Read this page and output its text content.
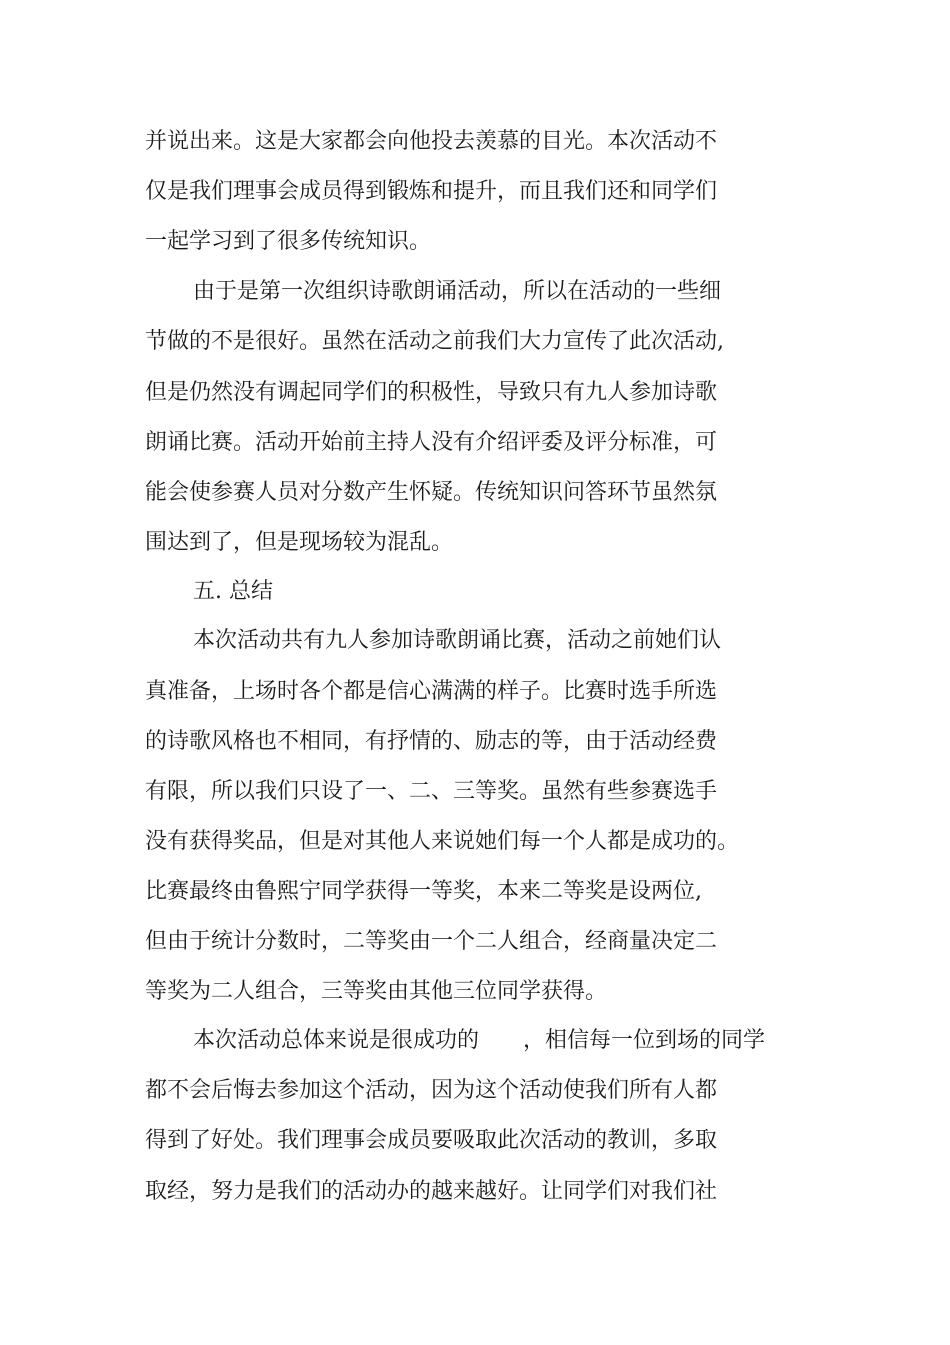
并说出来。这是大家都会向他投去羡慕的目光。本次活动不
仅是我们理事会成员得到锻炼和提升，而且我们还和同学们
一起学习到了很多传统知识。
由于是第一次组织诗歌朗诵活动，所以在活动的一些细
节做的不是很好。虽然在活动之前我们大力宣传了此次活动,
但是仍然没有调起同学们的积极性，导致只有九人参加诗歌
朗诵比赛。活动开始前主持人没有介绍评委及评分标准，可
能会使参赛人员对分数产生怀疑。传统知识问答环节虽然氛
围达到了，但是现场较为混乱。
五. 总结
本次活动共有九人参加诗歌朗诵比赛，活动之前她们认
真准备，上场时各个都是信心满满的样子。比赛时选手所选
的诗歌风格也不相同，有抒情的、励志的等，由于活动经费
有限，所以我们只设了一、二、三等奖。虽然有些参赛选手
没有获得奖品，但是对其他人来说她们每一个人都是成功的。
比赛最终由鲁熙宁同学获得一等奖，本来二等奖是设两位,
但由于统计分数时，二等奖由一个二人组合，经商量决定二
等奖为二人组合，三等奖由其他三位同学获得。
本次活动总体来说是很成功的　　，相信每一位到场的同学
都不会后悔去参加这个活动，因为这个活动使我们所有人都
得到了好处。我们理事会成员要吸取此次活动的教训，多取
取经，努力是我们的活动办的越来越好。让同学们对我们社
